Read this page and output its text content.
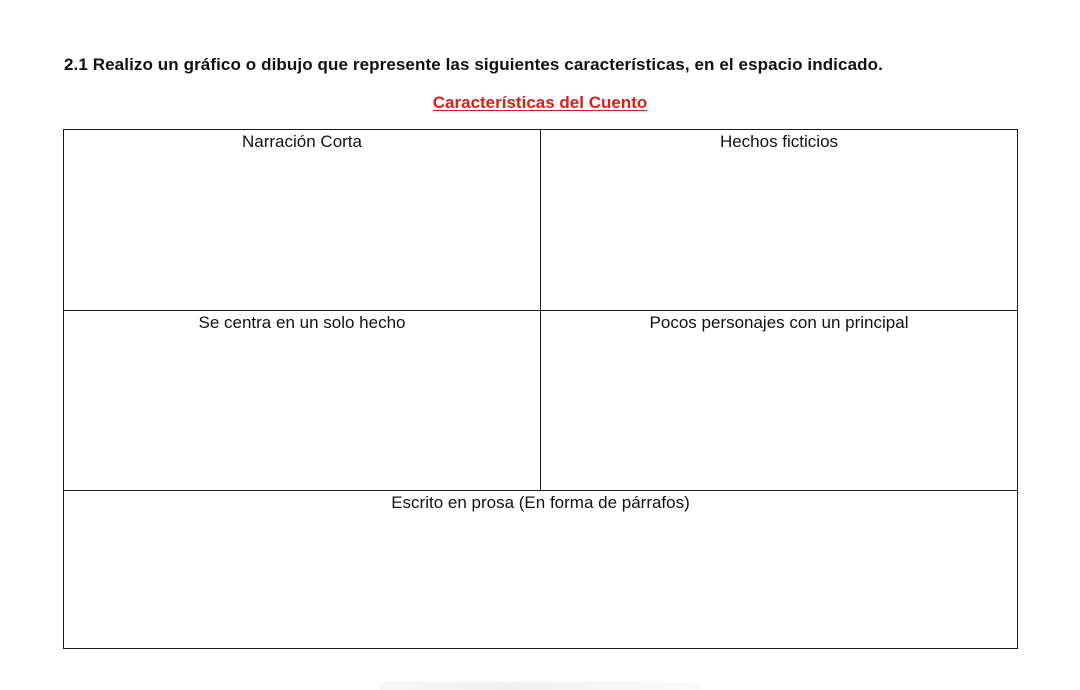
2.1 Realizo un gráfico o dibujo que represente las siguientes características, en el espacio indicado.
Características del Cuento
Narración Corta	Hechos ficticios
Se centra en un solo hecho	Pocos personajes con un principal
Escrito en prosa (En forma de párrafos)	
